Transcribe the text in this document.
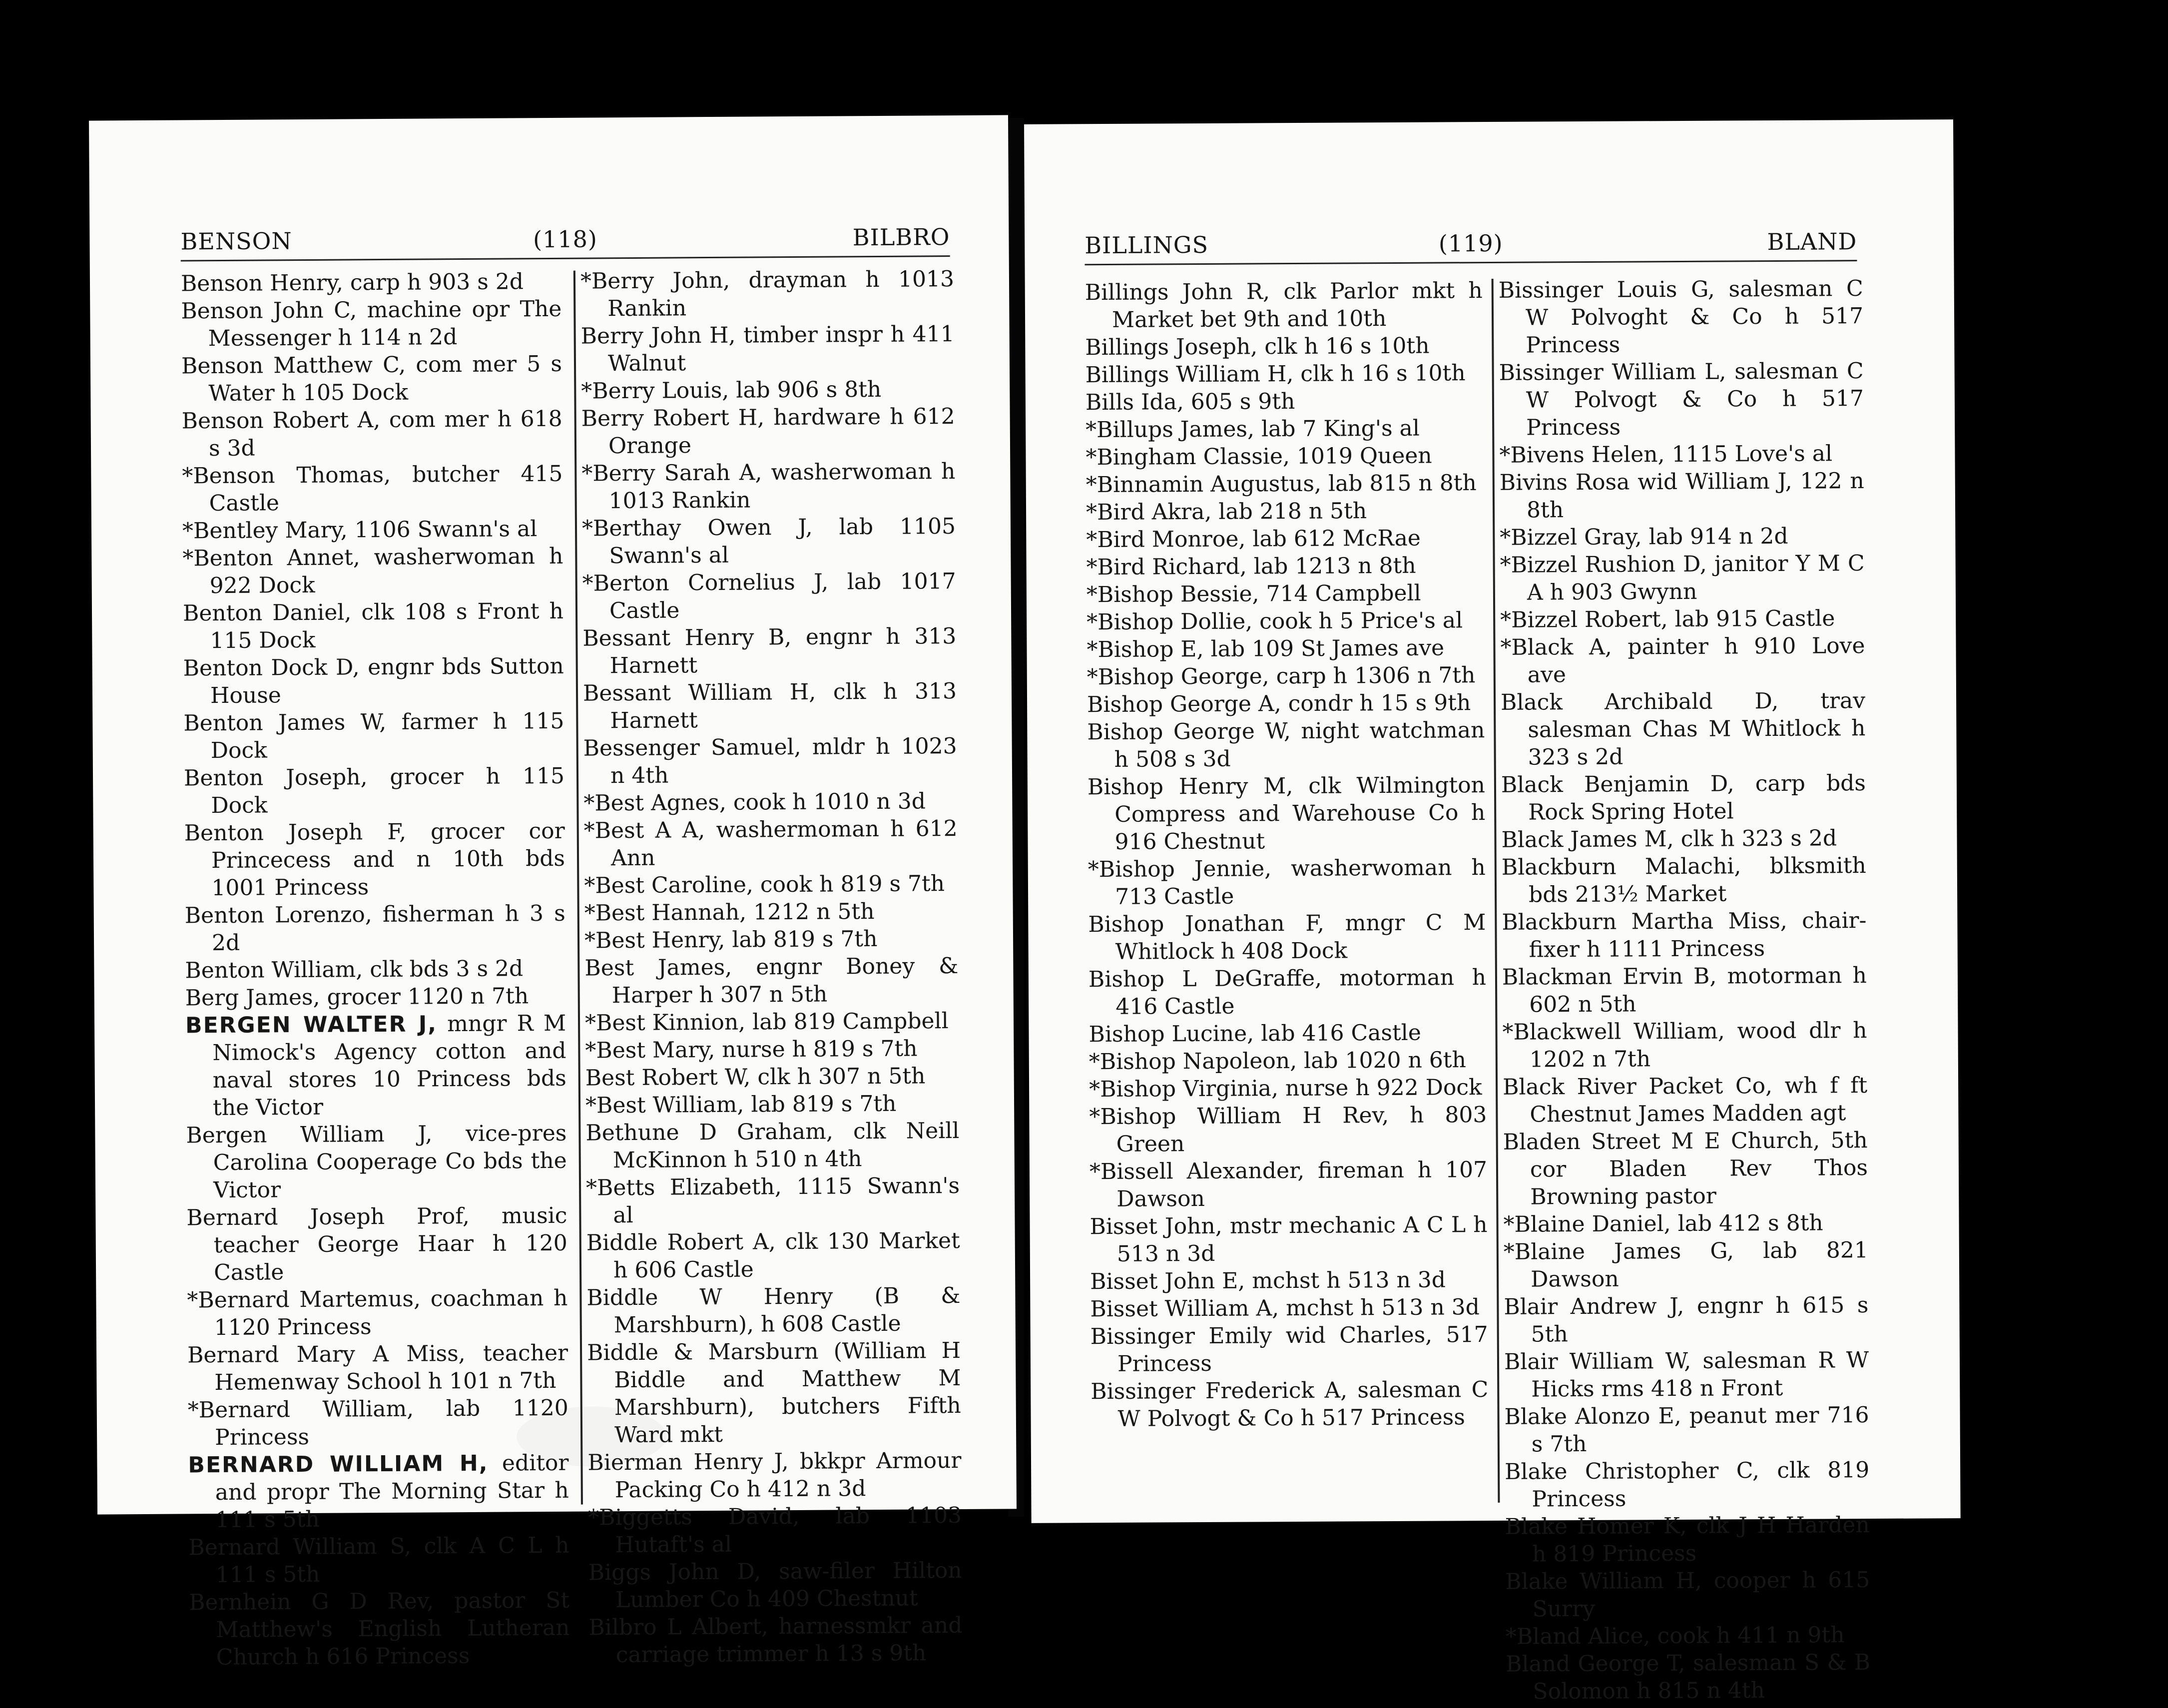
BENSON	(118)	BILBRO
Benson Henry, carp h 903 s 2d
Benson John C, machine opr The Messenger h 114 n 2d
Benson Matthew C, com mer 5 s Water h 105 Dock
Benson Robert A, com mer h 618 s 3d
*Benson Thomas, butcher 415 Castle
*Bentley Mary, 1106 Swann's al
*Benton Annet, washerwoman h 922 Dock
Benton Daniel, clk 108 s Front h 115 Dock
Benton Dock D, engnr bds Sutton House
Benton James W, farmer h 115 Dock
Benton Joseph, grocer h 115 Dock
Benton Joseph F, grocer cor Princecess and n 10th bds 1001 Princess
Benton Lorenzo, fisherman h 3 s 2d
Benton William, clk bds 3 s 2d
Berg James, grocer 1120 n 7th
BERGEN WALTER J, mngr R M Nimock's Agency cotton and naval stores 10 Princess bds the Victor
Bergen William J, vice-pres Carolina Cooperage Co bds the Victor
Bernard Joseph Prof, music teacher George Haar h 120 Castle
*Bernard Martemus, coachman h 1120 Princess
Bernard Mary A Miss, teacher Hemenway School h 101 n 7th
*Bernard William, lab 1120 Princess
BERNARD WILLIAM H, editor and propr The Morning Star h 111 s 5th
Bernard William S, clk A C L h 111 s 5th
Bernhein G D Rev, pastor St Matthew's English Lutheran Church h 616 Princess
*Berry John, drayman h 1013 Rankin
Berry John H, timber inspr h 411 Walnut
*Berry Louis, lab 906 s 8th
Berry Robert H, hardware h 612 Orange
*Berry Sarah A, washerwoman h 1013 Rankin
*Berthay Owen J, lab 1105 Swann's al
*Berton Cornelius J, lab 1017 Castle
Bessant Henry B, engnr h 313 Harnett
Bessant William H, clk h 313 Harnett
Bessenger Samuel, mldr h 1023 n 4th
*Best Agnes, cook h 1010 n 3d
*Best A A, washermoman h 612 Ann
*Best Caroline, cook h 819 s 7th
*Best Hannah, 1212 n 5th
*Best Henry, lab 819 s 7th
Best James, engnr Boney & Harper h 307 n 5th
*Best Kinnion, lab 819 Campbell
*Best Mary, nurse h 819 s 7th
Best Robert W, clk h 307 n 5th
*Best William, lab 819 s 7th
Bethune D Graham, clk Neill McKinnon h 510 n 4th
*Betts Elizabeth, 1115 Swann's al
Biddle Robert A, clk 130 Market h 606 Castle
Biddle W Henry (B & Marshburn), h 608 Castle
Biddle & Marsburn (William H Biddle and Matthew M Marshburn), butchers Fifth Ward mkt
Bierman Henry J, bkkpr Armour Packing Co h 412 n 3d
*Biggetts David, lab 1103 Hutaft's al
Biggs John D, saw-filer Hilton Lumber Co h 409 Chestnut
Bilbro L Albert, harnessmkr and carriage trimmer h 13 s 9th
BILLINGS	(119)	BLAND
Billings John R, clk Parlor mkt h Market bet 9th and 10th
Billings Joseph, clk h 16 s 10th
Billings William H, clk h 16 s 10th
Bills Ida, 605 s 9th
*Billups James, lab 7 King's al
*Bingham Classie, 1019 Queen
*Binnamin Augustus, lab 815 n 8th
*Bird Akra, lab 218 n 5th
*Bird Monroe, lab 612 McRae
*Bird Richard, lab 1213 n 8th
*Bishop Bessie, 714 Campbell
*Bishop Dollie, cook h 5 Price's al
*Bishop E, lab 109 St James ave
*Bishop George, carp h 1306 n 7th
Bishop George A, condr h 15 s 9th
Bishop George W, night watchman h 508 s 3d
Bishop Henry M, clk Wilmington Compress and Warehouse Co h 916 Chestnut
*Bishop Jennie, washerwoman h 713 Castle
Bishop Jonathan F, mngr C M Whitlock h 408 Dock
Bishop L DeGraffe, motorman h 416 Castle
Bishop Lucine, lab 416 Castle
*Bishop Napoleon, lab 1020 n 6th
*Bishop Virginia, nurse h 922 Dock
*Bishop William H Rev, h 803 Green
*Bissell Alexander, fireman h 107 Dawson
Bisset John, mstr mechanic A C L h 513 n 3d
Bisset John E, mchst h 513 n 3d
Bisset William A, mchst h 513 n 3d
Bissinger Emily wid Charles, 517 Princess
Bissinger Frederick A, salesman C W Polvogt & Co h 517 Princess
Bissinger Louis G, salesman C W Polvoght & Co h 517 Princess
Bissinger William L, salesman C W Polvogt & Co h 517 Princess
*Bivens Helen, 1115 Love's al
Bivins Rosa wid William J, 122 n 8th
*Bizzel Gray, lab 914 n 2d
*Bizzel Rushion D, janitor Y M C A h 903 Gwynn
*Bizzel Robert, lab 915 Castle
*Black A, painter h 910 Love ave
Black Archibald D, trav salesman Chas M Whitlock h 323 s 2d
Black Benjamin D, carp bds Rock Spring Hotel
Black James M, clk h 323 s 2d
Blackburn Malachi, blksmith bds 213½ Market
Blackburn Martha Miss, chair-fixer h 1111 Princess
Blackman Ervin B, motorman h 602 n 5th
*Blackwell William, wood dlr h 1202 n 7th
Black River Packet Co, wh f ft Chestnut James Madden agt
Bladen Street M E Church, 5th cor Bladen Rev Thos Browning pastor
*Blaine Daniel, lab 412 s 8th
*Blaine James G, lab 821 Dawson
Blair Andrew J, engnr h 615 s 5th
Blair William W, salesman R W Hicks rms 418 n Front
Blake Alonzo E, peanut mer 716 s 7th
Blake Christopher C, clk 819 Princess
Blake Homer K, clk J H Harden h 819 Princess
Blake William H, cooper h 615 Surry
*Bland Alice, cook h 411 n 9th
Bland George T, salesman S & B Solomon h 815 n 4th
